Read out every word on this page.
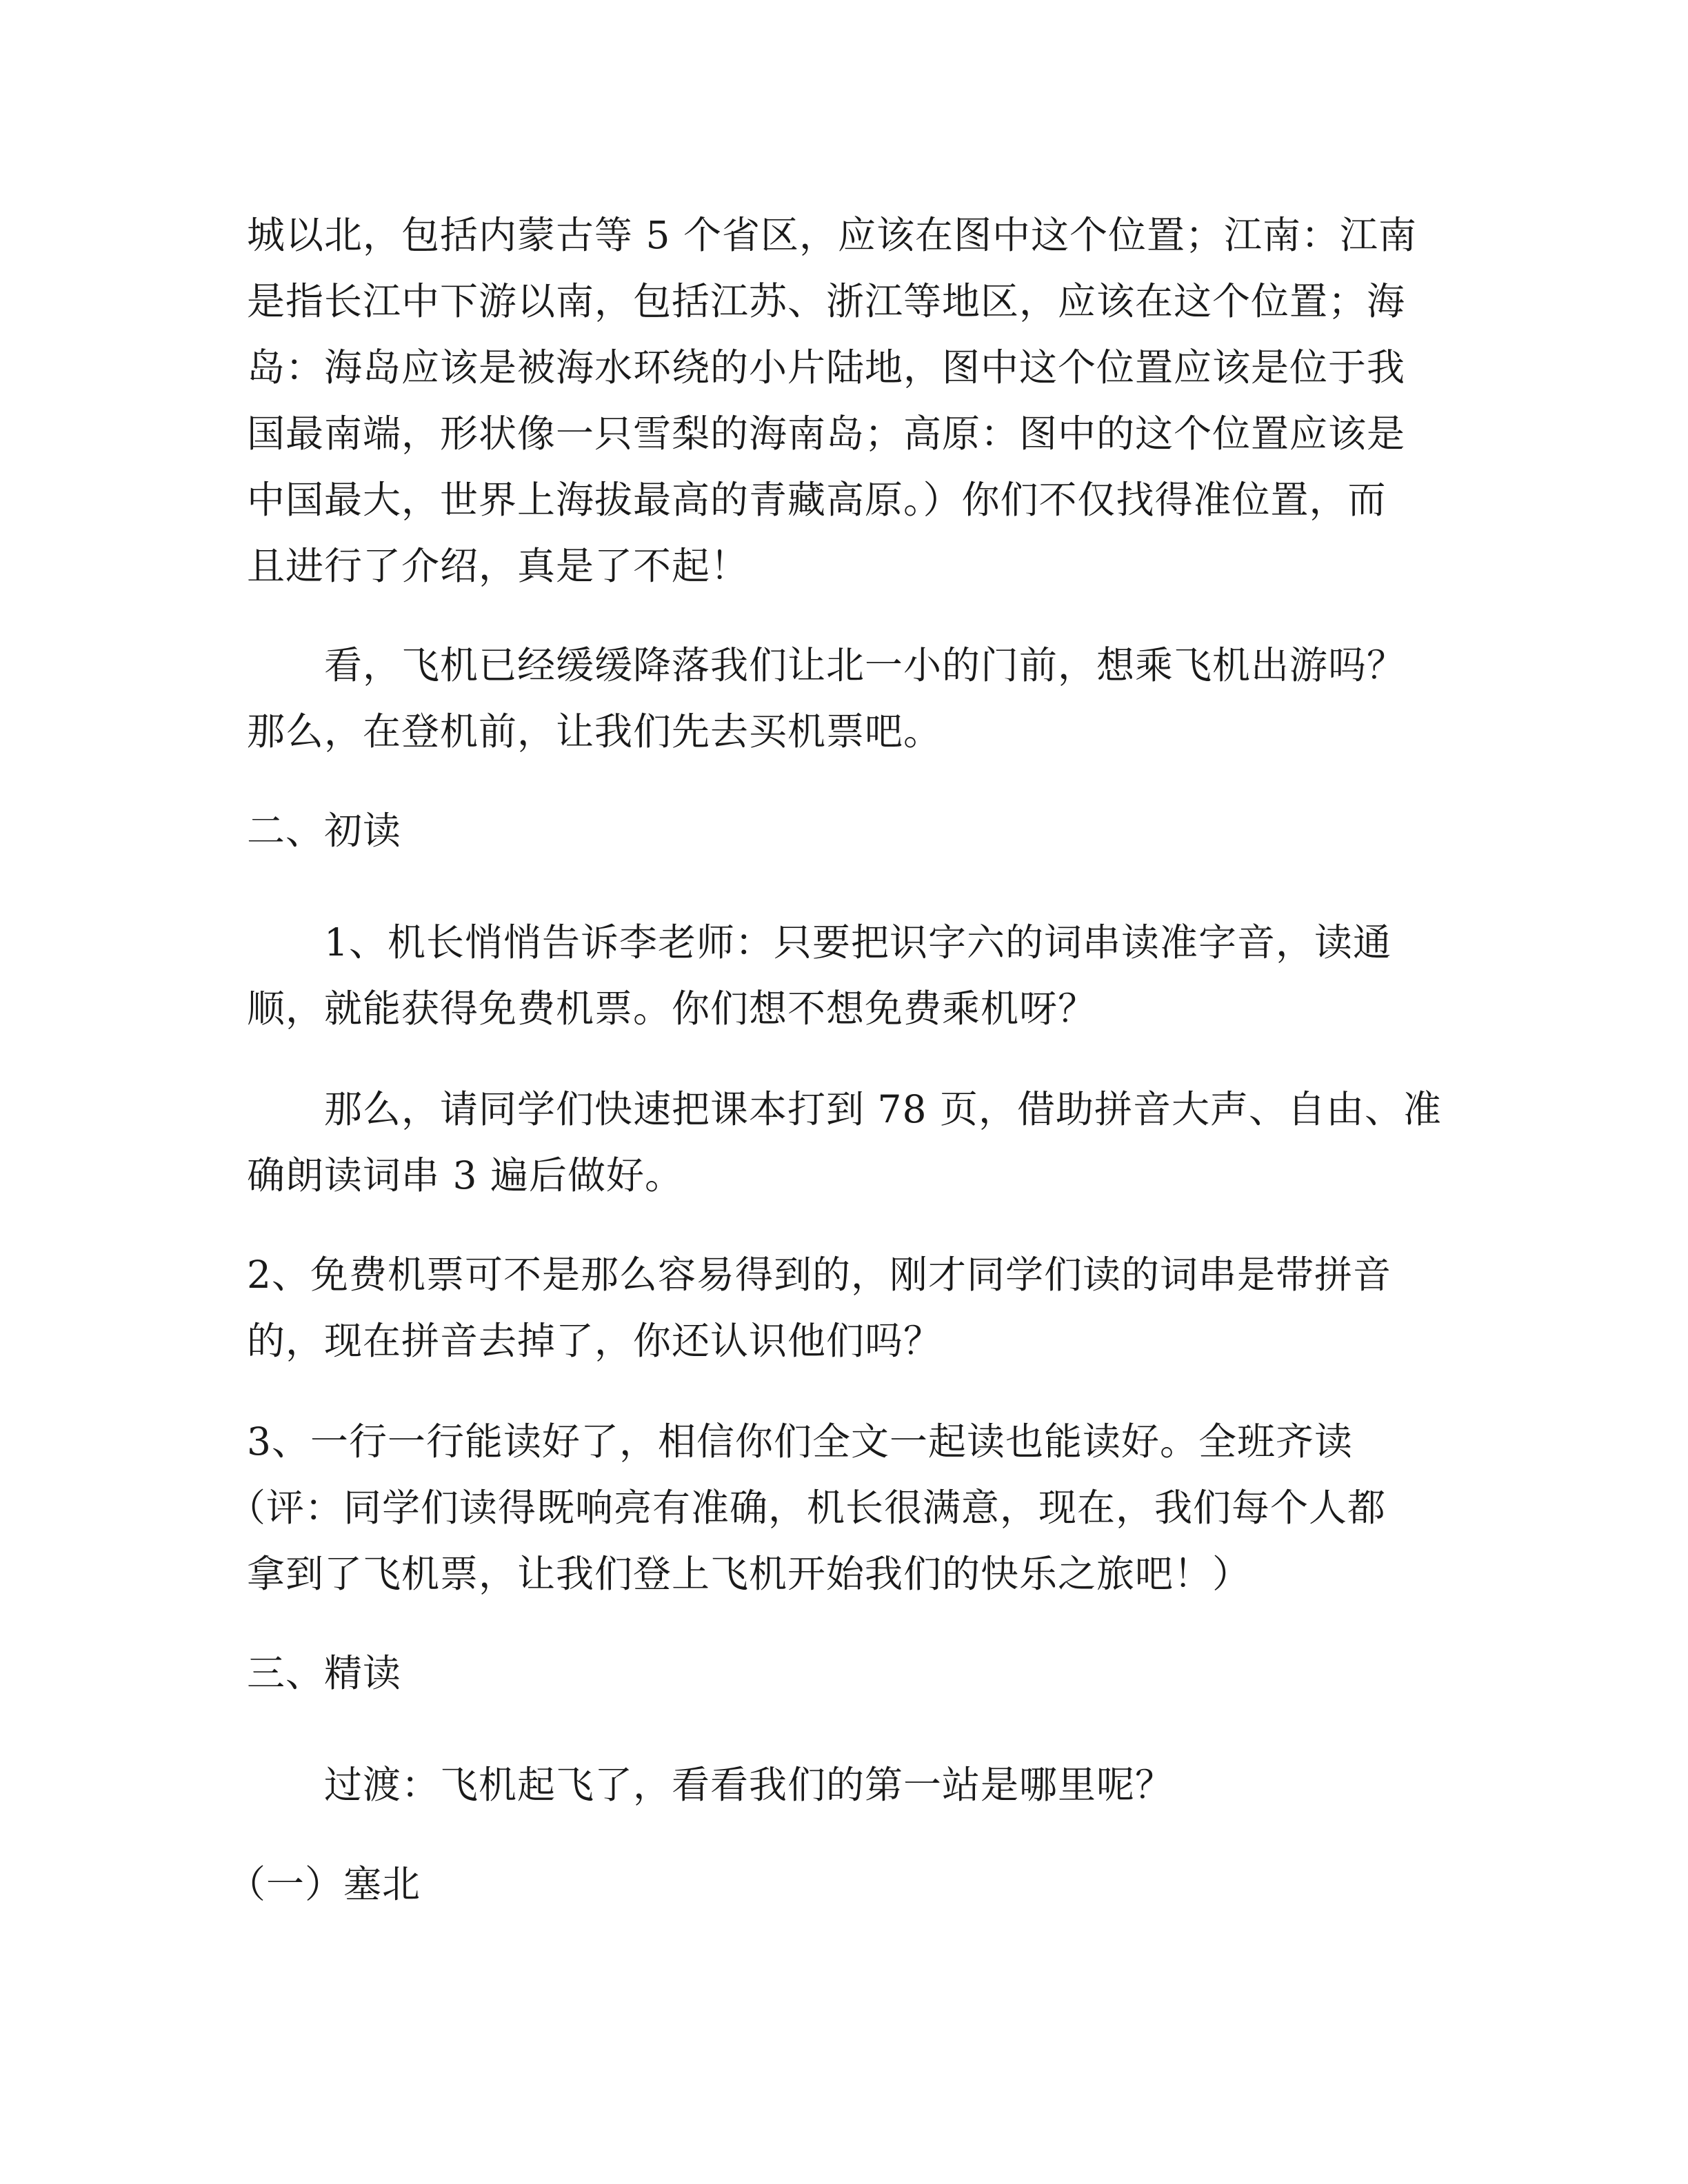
城以北，包括内蒙古等 5 个省区，应该在图中这个位置；江南：江南
是指长江中下游以南，包括江苏、浙江等地区，应该在这个位置；海
岛：海岛应该是被海水环绕的小片陆地，图中这个位置应该是位于我
国最南端，形状像一只雪梨的海南岛；高原：图中的这个位置应该是
中国最大，世界上海拔最高的青藏高原。）你们不仅找得准位置，而
且进行了介绍，真是了不起！
看，飞机已经缓缓降落我们让北一小的门前，想乘飞机出游吗？
那么，在登机前，让我们先去买机票吧。
二、初读
1、机长悄悄告诉李老师：只要把识字六的词串读准字音，读通
顺，就能获得免费机票。你们想不想免费乘机呀？
那么，请同学们快速把课本打到 78 页，借助拼音大声、自由、准
确朗读词串 3 遍后做好。
2、免费机票可不是那么容易得到的，刚才同学们读的词串是带拼音
的，现在拼音去掉了，你还认识他们吗？
3、一行一行能读好了，相信你们全文一起读也能读好。全班齐读
（评：同学们读得既响亮有准确，机长很满意，现在，我们每个人都
拿到了飞机票，让我们登上飞机开始我们的快乐之旅吧！）
三、精读
过渡：飞机起飞了，看看我们的第一站是哪里呢？
（一）塞北
